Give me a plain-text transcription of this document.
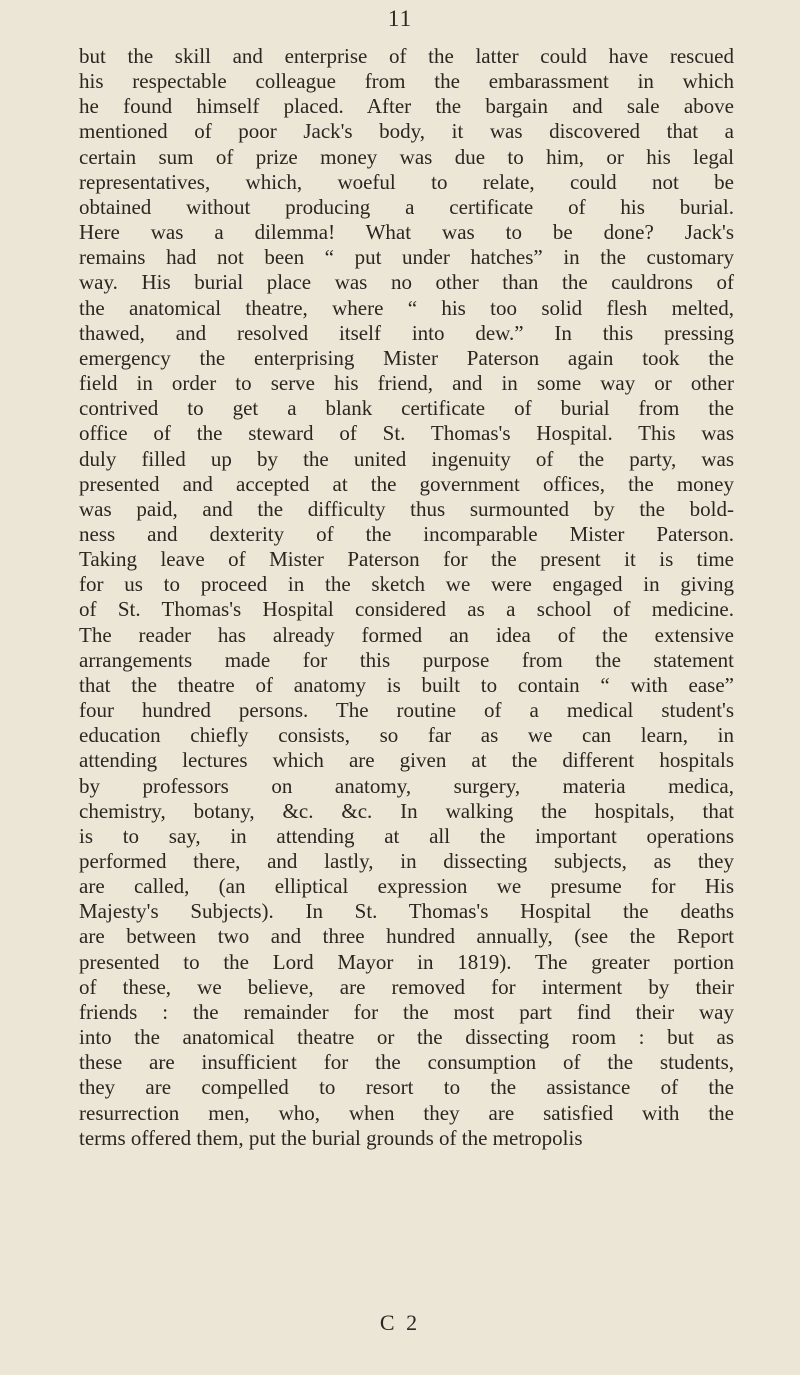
11
but the skill and enterprise of the latter could have rescued
his respectable colleague from the embarassment in which
he found himself placed. After the bargain and sale above
mentioned of poor Jack's body, it was discovered that a
certain sum of prize money was due to him, or his legal
representatives, which, woeful to relate, could not be
obtained without producing a certificate of his burial.
Here was a dilemma! What was to be done? Jack's
remains had not been “ put under hatches” in the customary
way. His burial place was no other than the cauldrons of
the anatomical theatre, where “ his too solid flesh melted,
thawed, and resolved itself into dew.” In this pressing
emergency the enterprising Mister Paterson again took the
field in order to serve his friend, and in some way or other
contrived to get a blank certificate of burial from the
office of the steward of St. Thomas's Hospital. This was
duly filled up by the united ingenuity of the party, was
presented and accepted at the government offices, the money
was paid, and the difficulty thus surmounted by the bold-
ness and dexterity of the incomparable Mister Paterson.
Taking leave of Mister Paterson for the present it is time
for us to proceed in the sketch we were engaged in giving
of St. Thomas's Hospital considered as a school of medicine.
The reader has already formed an idea of the extensive
arrangements made for this purpose from the statement
that the theatre of anatomy is built to contain “ with ease”
four hundred persons. The routine of a medical student's
education chiefly consists, so far as we can learn, in
attending lectures which are given at the different hospitals
by professors on anatomy, surgery, materia medica,
chemistry, botany, &c. &c. In walking the hospitals, that
is to say, in attending at all the important operations
performed there, and lastly, in dissecting subjects, as they
are called, (an elliptical expression we presume for His
Majesty's Subjects). In St. Thomas's Hospital the deaths
are between two and three hundred annually, (see the Report
presented to the Lord Mayor in 1819). The greater portion
of these, we believe, are removed for interment by their
friends : the remainder for the most part find their way
into the anatomical theatre or the dissecting room : but as
these are insufficient for the consumption of the students,
they are compelled to resort to the assistance of the
resurrection men, who, when they are satisfied with the
terms offered them, put the burial grounds of the metropolis
C 2
